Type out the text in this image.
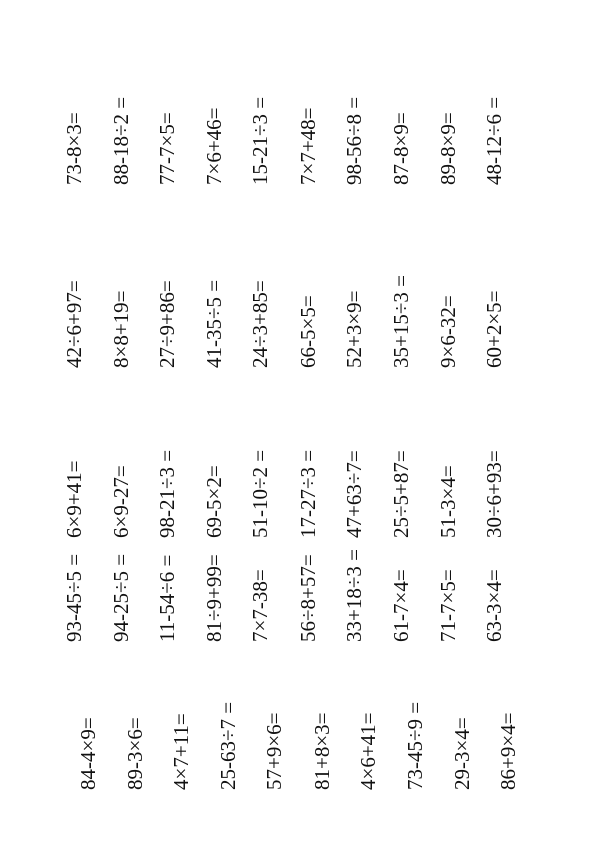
73-8×3= 88-18÷2 = 77-7×5= 7×6+46= 15-21÷3 = 7×7+48= 98-56÷8 = 87-8×9= 89-8×9= 48-12÷6 =
42÷6+97= 8×8+19= 27÷9+86= 41-35÷5 = 24÷3+85= 66-5×5= 52+3×9= 35+15÷3 = 9×6-32= 60+2×5=
6×9+41= 6×9-27= 98-21÷3 = 69-5×2= 51-10÷2 = 17-27÷3 = 47+63÷7= 25÷5+87= 51-3×4= 30÷6+93=
93-45÷5 = 94-25÷5 = 11-54÷6 = 81÷9+99= 7×7-38= 56÷8+57= 33+18÷3 = 61-7×4= 71-7×5= 63-3×4=
84-4×9= 89-3×6= 4×7+11= 25-63÷7 = 57+9×6= 81+8×3= 4×6+41= 73-45÷9 = 29-3×4= 86+9×4=
